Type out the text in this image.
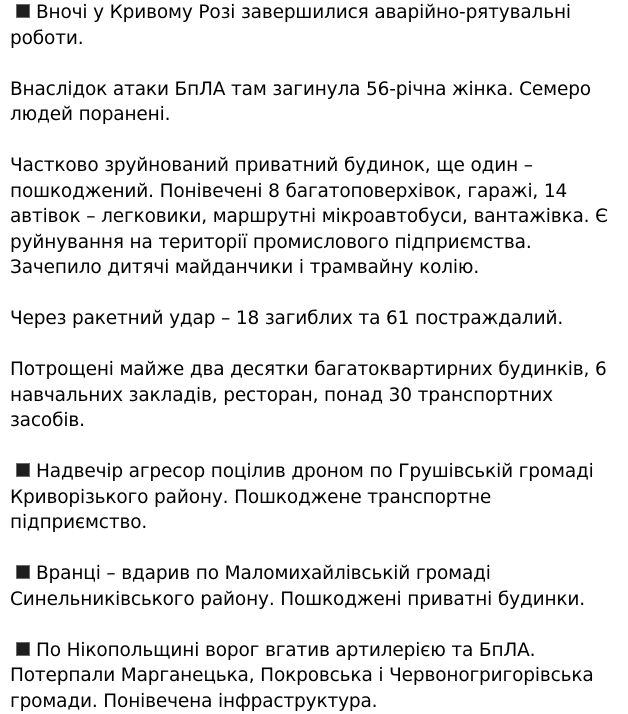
Вночі у Кривому Розі завершилися аварійно-рятувальні роботи.

Внаслідок атаки БпЛА там загинула 56-річна жінка. Семеро людей поранені.

Частково зруйнований приватний будинок, ще один – пошкоджений. Понівечені 8 багатоповерхівок, гаражі, 14 автівок – легковики, маршрутні мікроавтобуси, вантажівка. Є руйнування на території промислового підприємства. Зачепило дитячі майданчики і трамвайну колію.

Через ракетний удар – 18 загиблих та 61 постраждалий.

Потрощені майже два десятки багатоквартирних будинків, 6 навчальних закладів, ресторан, понад 30 транспортних засобів.

Надвечір агресор поцілив дроном по Грушівській громаді Криворізького району. Пошкоджене транспортне підприємство.

Вранці – вдарив по Маломихайлівській громаді Синельниківського району. Пошкоджені приватні будинки.

По Нікопольщині ворог вгатив артилерією та БпЛА. Потерпали Марганецька, Покровська і Червоногригорівська громади. Понівечена інфраструктура.
